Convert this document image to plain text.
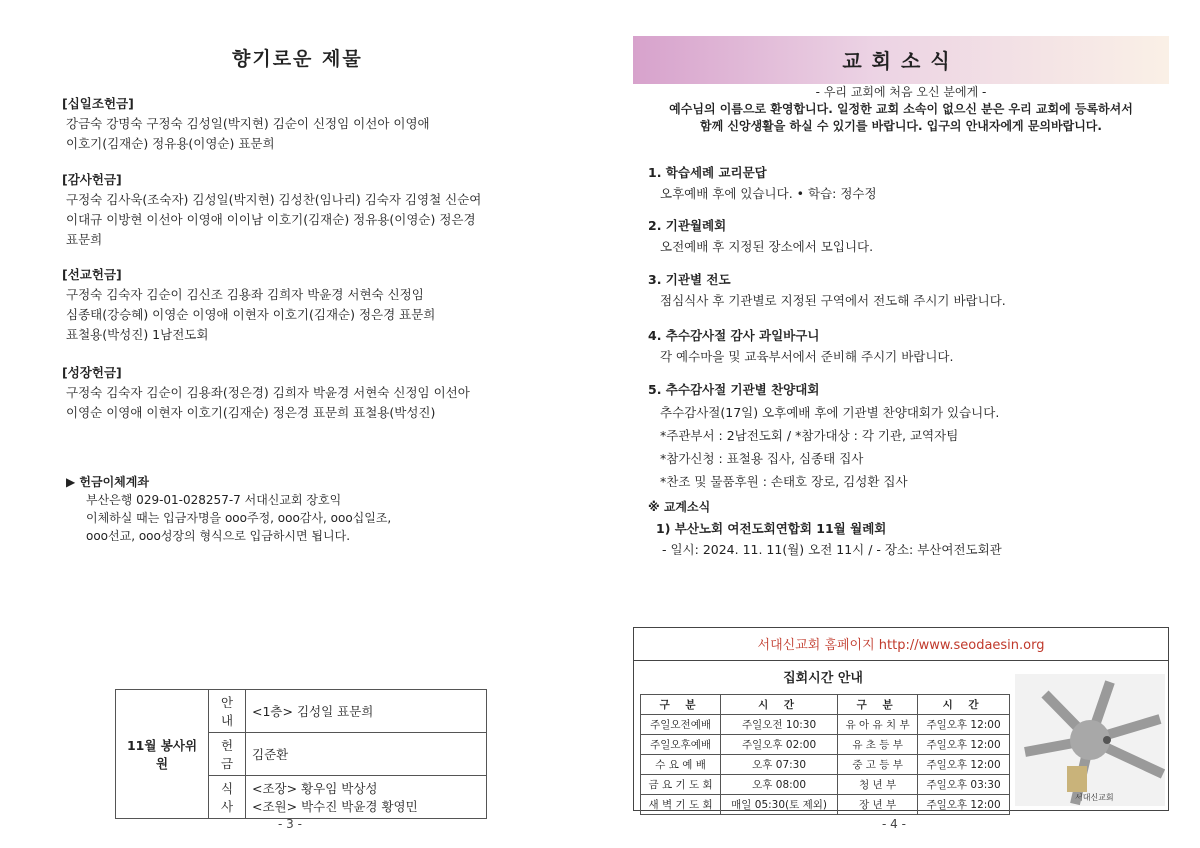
향기로운 제물
[십일조헌금]
강금숙 강명숙 구정숙 김성일(박지현) 김순이 신정임 이선아 이영애
이호기(김재순) 정유용(이영순) 표문희
[감사헌금]
구정숙 김사욱(조숙자) 김성일(박지현) 김성찬(임나리) 김숙자 김영철 신순여
이대규 이방현 이선아 이영애 이이남 이호기(김재순) 정유용(이영순) 정은경
표문희
[선교헌금]
구정숙 김숙자 김순이 김신조 김용좌 김희자 박윤경 서현숙 신정임
심종태(강승혜) 이영순 이영애 이현자 이호기(김재순) 정은경 표문희
표철용(박성진) 1남전도회
[성장헌금]
구정숙 김숙자 김순이 김용좌(정은경) 김희자 박윤경 서현숙 신정임 이선아
이영순 이영애 이현자 이호기(김재순) 정은경 표문희 표철용(박성진)
▶ 헌금이체계좌
부산은행 029-01-028257-7 서대신교회 장호익
이체하실 때는 입금자명을 ooo주정, ooo감사, ooo십일조,
ooo선교, ooo성장의 형식으로 입금하시면 됩니다.
11월 봉사위원	안내	<1층> 김성일 표문희
	헌금	김준환
	식사	<조장> 황우임 박상성
<조원> 박수진 박윤경 황영민
- 3 -
교회소식
- 우리 교회에 처음 오신 분에게 -
예수님의 이름으로 환영합니다. 일정한 교회 소속이 없으신 분은 우리 교회에 등록하셔서
함께 신앙생활을 하실 수 있기를 바랍니다. 입구의 안내자에게 문의바랍니다.
1. 학습세례 교리문답
오후예배 후에 있습니다. • 학습: 정수정
2. 기관월례회
오전예배 후 지정된 장소에서 모입니다.
3. 기관별 전도
점심식사 후 기관별로 지정된 구역에서 전도해 주시기 바랍니다.
4. 추수감사절 감사 과일바구니
각 예수마을 및 교육부서에서 준비해 주시기 바랍니다.
5. 추수감사절 기관별 찬양대회
추수감사절(17일) 오후예배 후에 기관별 찬양대회가 있습니다.
*주관부서 : 2남전도회 / *참가대상 : 각 기관, 교역자팀
*참가신청 : 표철용 집사, 심종태 집사
*찬조 및 물품후원 : 손태호 장로, 김성환 집사
※ 교계소식
1) 부산노회 여전도회연합회 11월 월례회
- 일시: 2024. 11. 11(월) 오전 11시 / - 장소: 부산여전도회관
서대신교회 홈페이지 http://www.seodaesin.org
집회시간 안내
구 분	시 간	구 분	시 간
주일오전예배	주일오전 10:30	유 아 유 치 부	주일오후 12:00
주일오후예배	주일오후 02:00	유 초 등 부	주일오후 12:00
수 요 예 배	오후 07:30	중 고 등 부	주일오후 12:00
금 요 기 도 회	오후 08:00	청 년 부	주일오후 03:30
새 벽 기 도 회	매일 05:30(토 제외)	장 년 부	주일오후 12:00
서대신교회
- 4 -
